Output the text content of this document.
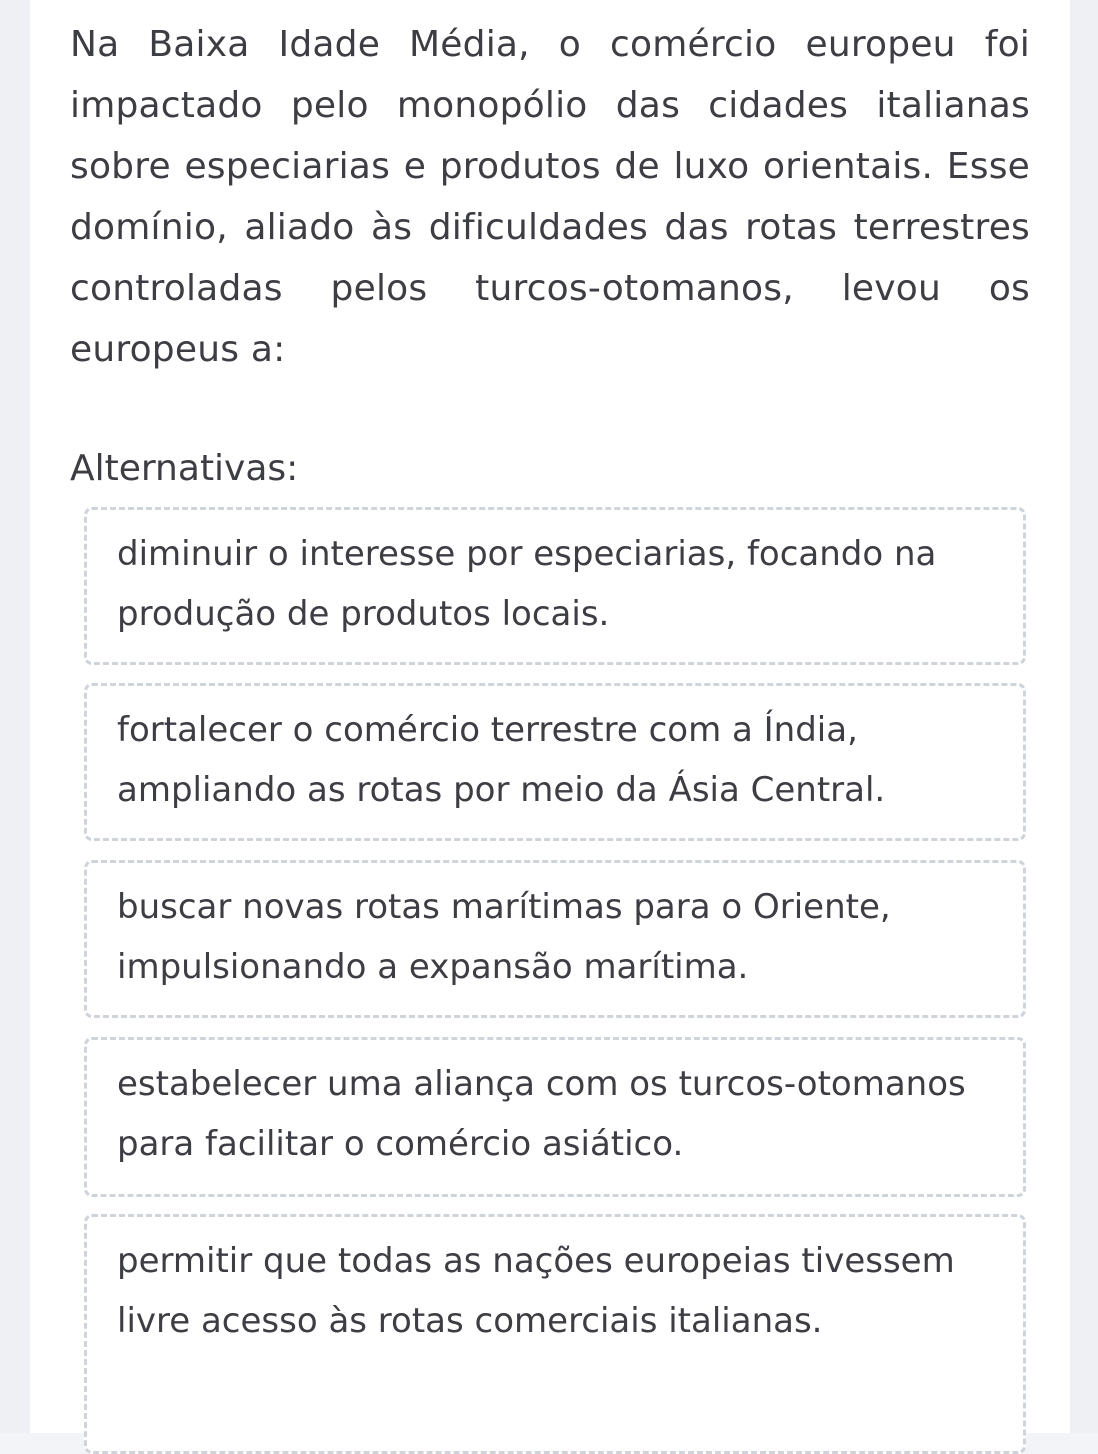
Na Baixa Idade Média, o comércio europeu foi impactado pelo monopólio das cidades italianas sobre especiarias e produtos de luxo orientais. Esse domínio, aliado às dificuldades das rotas terrestres controladas pelos turcos-otomanos, levou os europeus a:

Alternativas:
diminuir o interesse por especiarias, focando na produção de produtos locais.
fortalecer o comércio terrestre com a Índia, ampliando as rotas por meio da Ásia Central.
buscar novas rotas marítimas para o Oriente, impulsionando a expansão marítima.
estabelecer uma aliança com os turcos-otomanos para facilitar o comércio asiático.
permitir que todas as nações europeias tivessem livre acesso às rotas comerciais italianas.
